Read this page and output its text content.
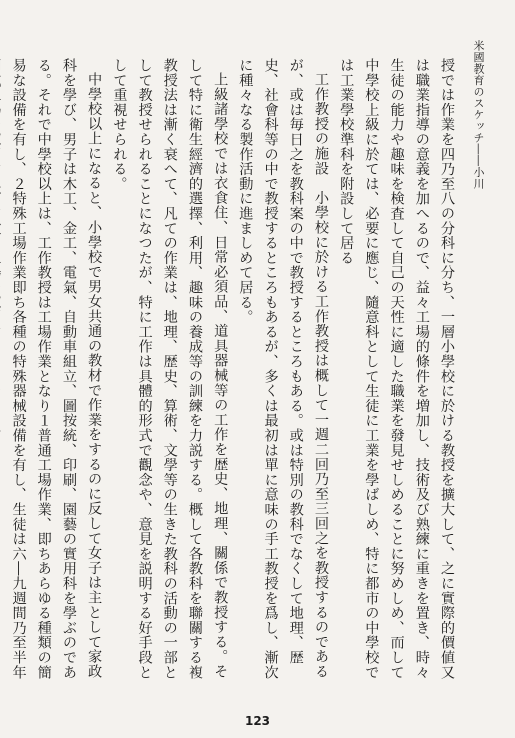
米國教育のスケッチ――小川

授では作業を四乃至八の分科に分ち、一層小學校に於ける教授を擴大して、之に實際的價値又は職業指導の意義を加へるので、益々工場的條件を増加し、技術及び熟練に重きを置き、時々生徒の能力や趣味を検査して自己の天性に適した職業を發見せしめることに努めしめ、而して中學校上級に於ては、必要に應じ、隨意科として生徒に工業を學ばしめ、特に都市の中學校では工業學校準科を附設して居る

工作教授の施設　小學校に於ける工作教授は概して一週二回乃至三回之を教授するのであるが、或は毎日之を教科案の中で教授するところもある。或は特別の教科でなくして地理、歴史、社會科等の中で教授するところもあるが、多くは最初は單に意味の手工教授を爲し、漸次に種々なる製作活動に進ましめて居る。

上級諸學校では衣食住、日常必須品、道具器械等の工作を歴史、地理、關係で教授する。そして特に衛生經濟的選擇、利用、趣味の養成等の訓練を力説する。概して各教科を聯關する複教授法は漸く衰へて、凡ての作業は、地理、歴史、算術、文學等の生きた教科の活動の一部として教授せられることになつたが、特に工作は具體的形式で觀念や、意見を説明する好手段として重視せられる。

中學校以上になると、小學校で男女共通の教材で作業をするのに反して女子は主として家政科を學び、男子は木工、金工、電氣、自動車組立、圖按統、印刷、園藝の實用科を學ぶのである。それで中學校以上は、工作教授は工場作業となり１普通工場作業、即ちあらゆる種類の簡易な設備を有し、２特殊工場作業即ち各種の特殊器械設備を有し、生徒は六―九週間乃至半年

123
